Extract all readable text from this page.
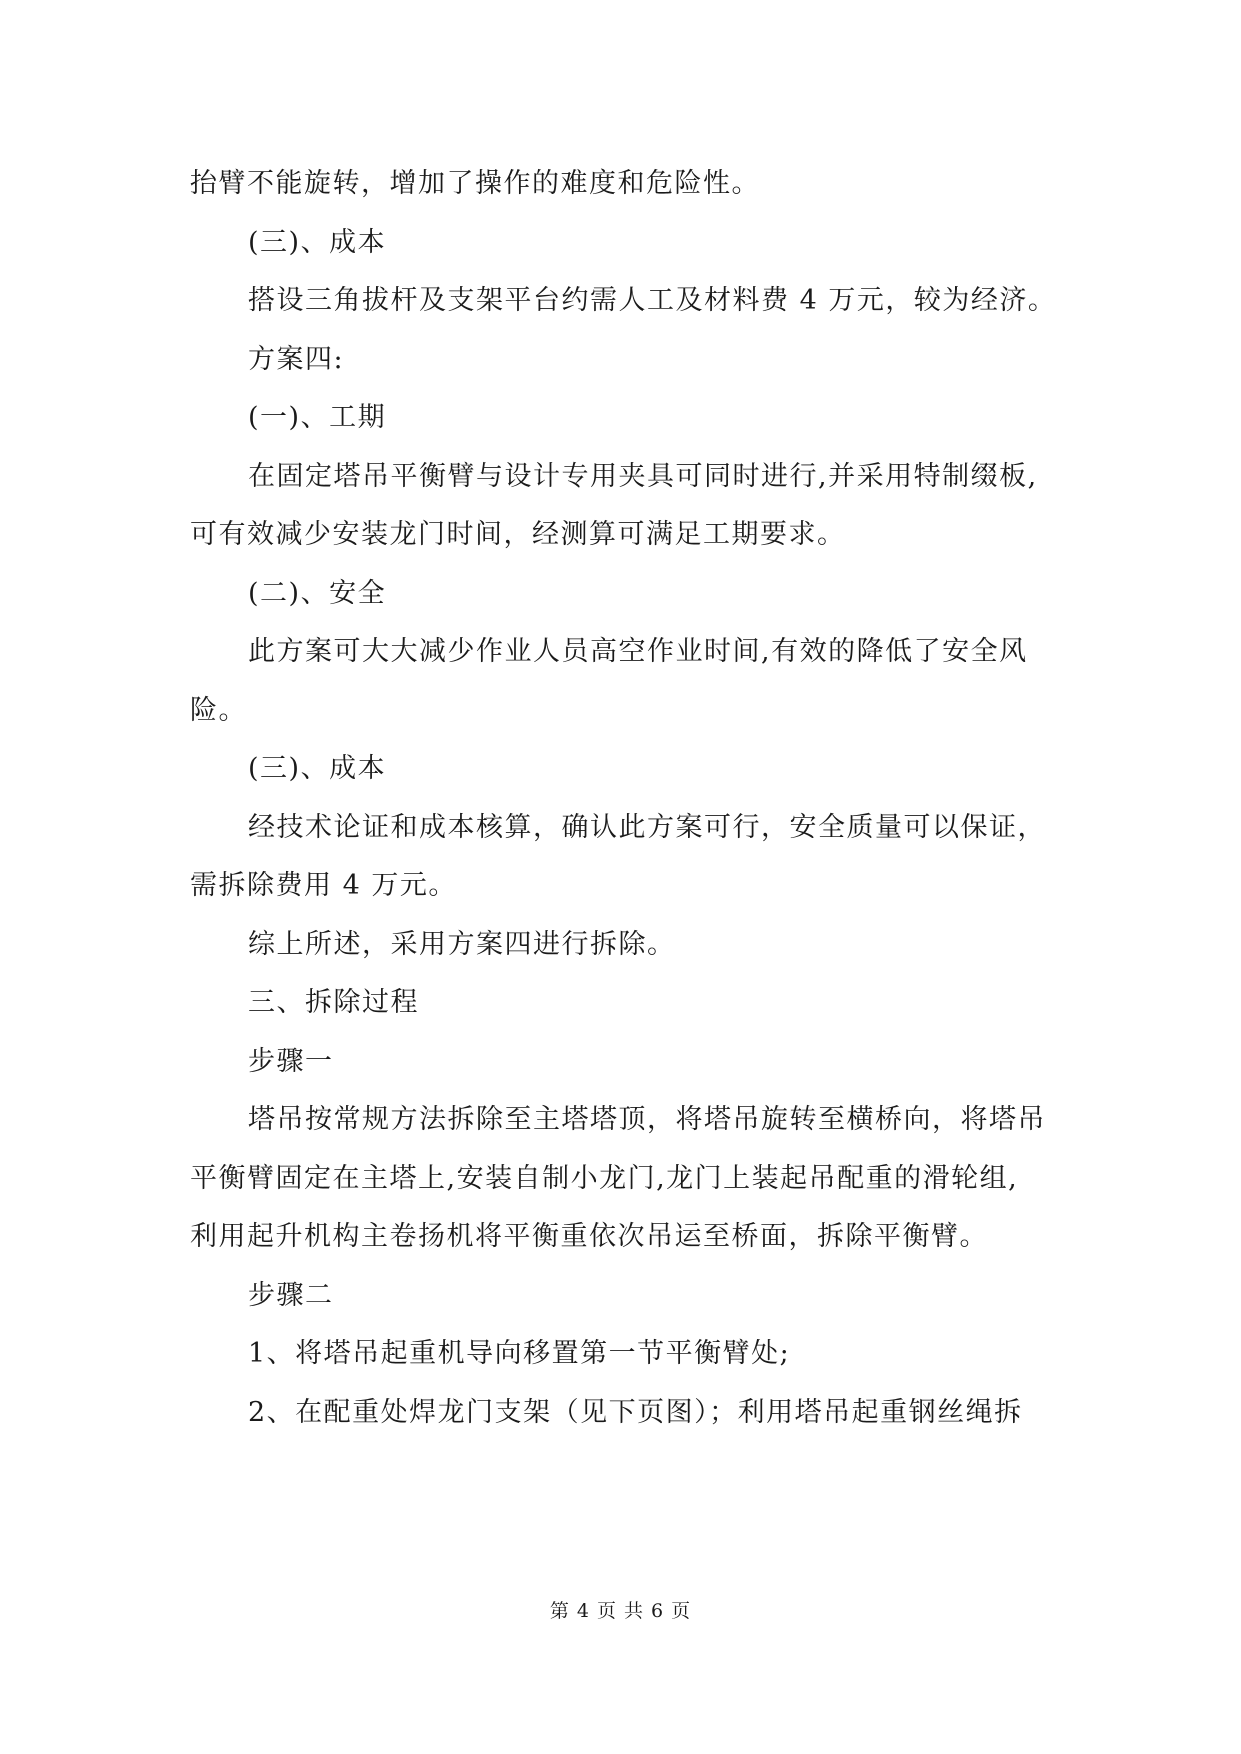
抬臂不能旋转，增加了操作的难度和危险性。
(三)、成本
搭设三角拔杆及支架平台约需人工及材料费 4 万元，较为经济。
方案四:
(一)、工期
在固定塔吊平衡臂与设计专用夹具可同时进行,并采用特制缀板,
可有效减少安装龙门时间，经测算可满足工期要求。
(二)、安全
此方案可大大减少作业人员高空作业时间,有效的降低了安全风
险。
(三)、成本
经技术论证和成本核算，确认此方案可行，安全质量可以保证，
需拆除费用 4 万元。
综上所述，采用方案四进行拆除。
三、拆除过程
步骤一
塔吊按常规方法拆除至主塔塔顶，将塔吊旋转至横桥向，将塔吊
平衡臂固定在主塔上,安装自制小龙门,龙门上装起吊配重的滑轮组,
利用起升机构主卷扬机将平衡重依次吊运至桥面，拆除平衡臂。
步骤二
1、将塔吊起重机导向移置第一节平衡臂处;
2、在配重处焊龙门支架（见下页图）；利用塔吊起重钢丝绳拆
第 4 页 共 6 页
